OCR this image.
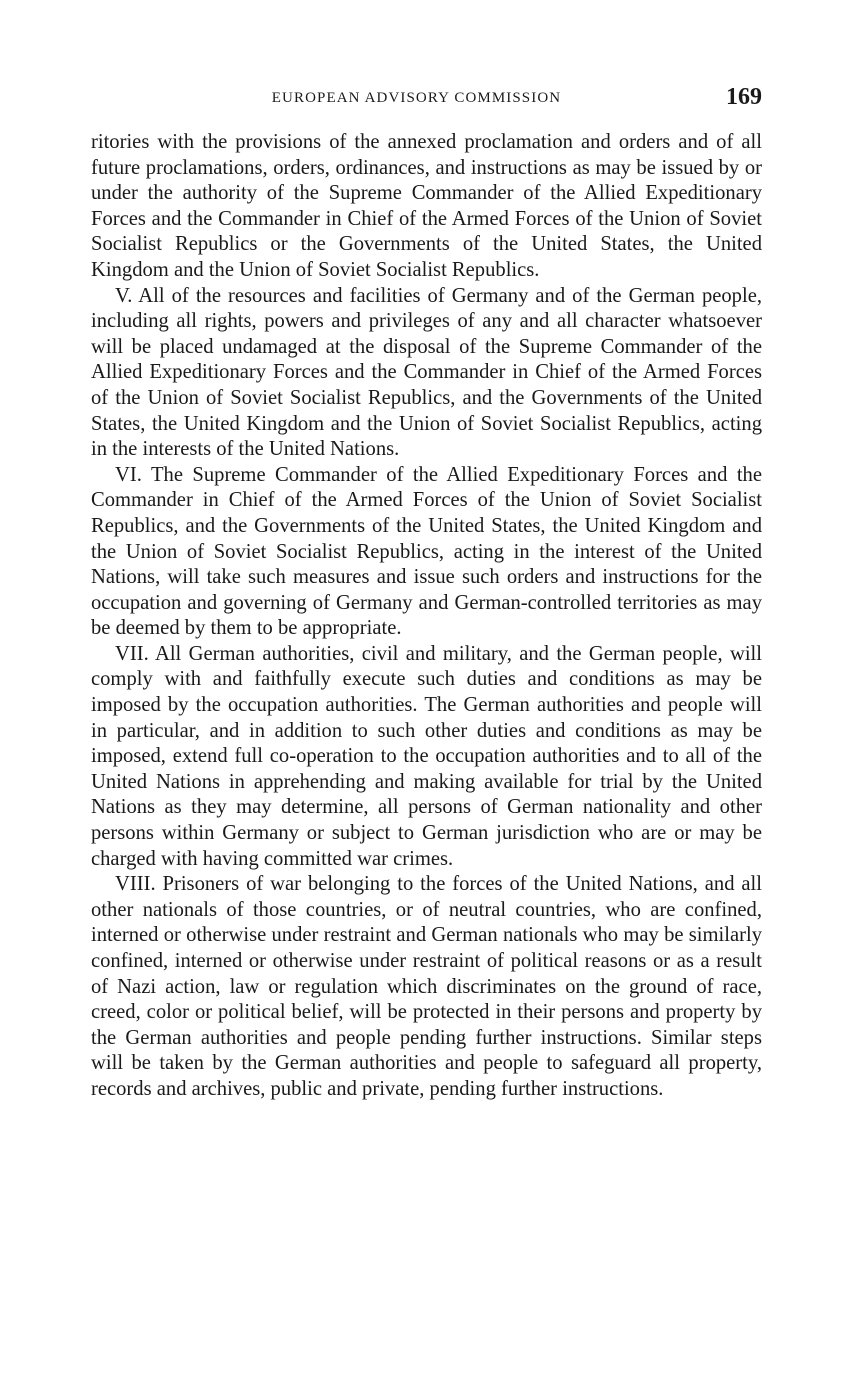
EUROPEAN ADVISORY COMMISSION	169

ritories with the provisions of the annexed proclamation and orders and of all future proclamations, orders, ordinances, and instructions as may be issued by or under the authority of the Supreme Commander of the Allied Expeditionary Forces and the Commander in Chief of the Armed Forces of the Union of Soviet Socialist Republics or the Governments of the United States, the United Kingdom and the Union of Soviet Socialist Republics.

V. All of the resources and facilities of Germany and of the German people, including all rights, powers and privileges of any and all character whatsoever will be placed undamaged at the disposal of the Supreme Commander of the Allied Expeditionary Forces and the Commander in Chief of the Armed Forces of the Union of Soviet Socialist Republics, and the Governments of the United States, the United Kingdom and the Union of Soviet Socialist Republics, acting in the interests of the United Nations.

VI. The Supreme Commander of the Allied Expeditionary Forces and the Commander in Chief of the Armed Forces of the Union of Soviet Socialist Republics, and the Governments of the United States, the United Kingdom and the Union of Soviet Socialist Republics, acting in the interest of the United Nations, will take such measures and issue such orders and instructions for the occupation and governing of Germany and German-controlled territories as may be deemed by them to be appropriate.

VII. All German authorities, civil and military, and the German people, will comply with and faithfully execute such duties and conditions as may be imposed by the occupation authorities. The German authorities and people will in particular, and in addition to such other duties and conditions as may be imposed, extend full co-operation to the occupation authorities and to all of the United Nations in apprehending and making available for trial by the United Nations as they may determine, all persons of German nationality and other persons within Germany or subject to German jurisdiction who are or may be charged with having committed war crimes.

VIII. Prisoners of war belonging to the forces of the United Nations, and all other nationals of those countries, or of neutral countries, who are confined, interned or otherwise under restraint and German nationals who may be similarly confined, interned or otherwise under restraint of political reasons or as a result of Nazi action, law or regulation which discriminates on the ground of race, creed, color or political belief, will be protected in their persons and property by the German authorities and people pending further instructions. Similar steps will be taken by the German authorities and people to safeguard all property, records and archives, public and private, pending further instructions.
